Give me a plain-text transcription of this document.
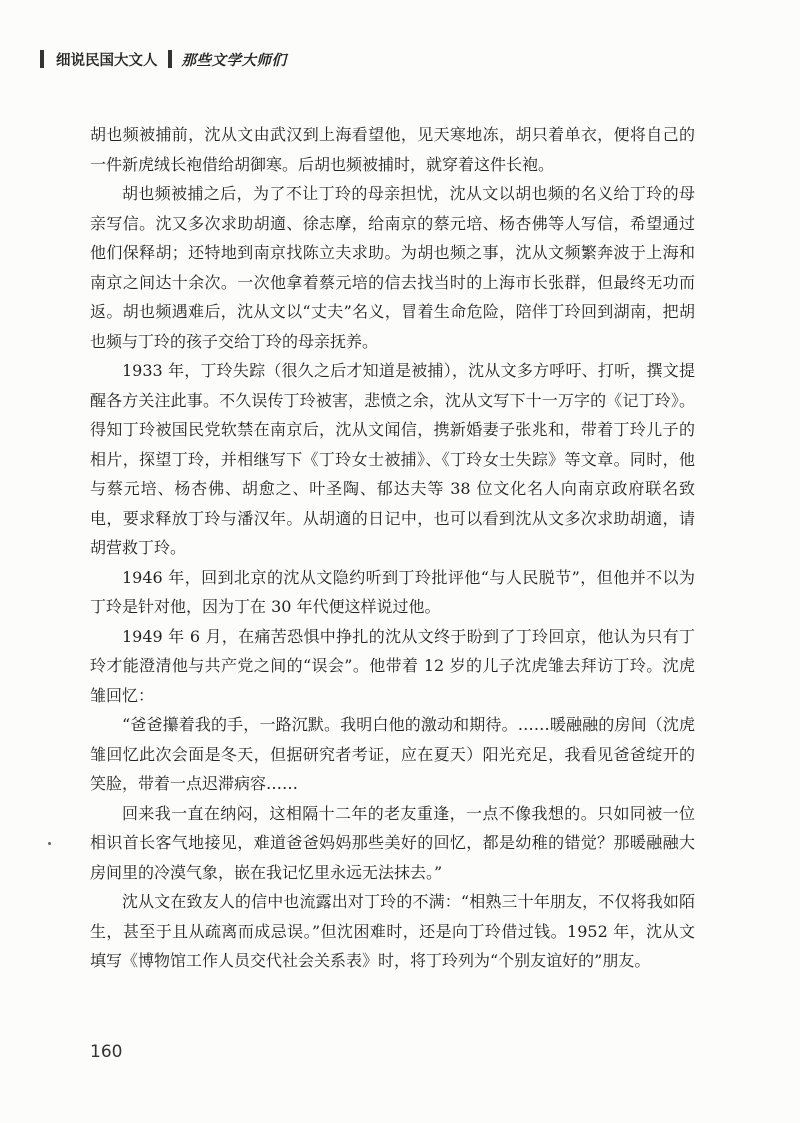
细说民国大文人 那些文学大师们

胡也频被捕前，沈从文由武汉到上海看望他，见天寒地冻，胡只着单衣，便将自己的一件新虎绒长袍借给胡御寒。后胡也频被捕时，就穿着这件长袍。

胡也频被捕之后，为了不让丁玲的母亲担忧，沈从文以胡也频的名义给丁玲的母亲写信。沈又多次求助胡適、徐志摩，给南京的蔡元培、杨杏佛等人写信，希望通过他们保释胡；还特地到南京找陈立夫求助。为胡也频之事，沈从文频繁奔波于上海和南京之间达十余次。一次他拿着蔡元培的信去找当时的上海市长张群，但最终无功而返。胡也频遇难后，沈从文以“丈夫”名义，冒着生命危险，陪伴丁玲回到湖南，把胡也频与丁玲的孩子交给丁玲的母亲抚养。

1933 年，丁玲失踪（很久之后才知道是被捕），沈从文多方呼吁、打听，撰文提醒各方关注此事。不久误传丁玲被害，悲愤之余，沈从文写下十一万字的《记丁玲》。得知丁玲被国民党软禁在南京后，沈从文闻信，携新婚妻子张兆和，带着丁玲儿子的相片，探望丁玲，并相继写下《丁玲女士被捕》、《丁玲女士失踪》等文章。同时，他与蔡元培、杨杏佛、胡愈之、叶圣陶、郁达夫等 38 位文化名人向南京政府联名致电，要求释放丁玲与潘汉年。从胡適的日记中，也可以看到沈从文多次求助胡適，请胡营救丁玲。

1946 年，回到北京的沈从文隐约听到丁玲批评他“与人民脱节”，但他并不以为丁玲是针对他，因为丁在 30 年代便这样说过他。

1949 年 6 月，在痛苦恐惧中挣扎的沈从文终于盼到了丁玲回京，他认为只有丁玲才能澄清他与共产党之间的“误会”。他带着 12 岁的儿子沈虎雏去拜访丁玲。沈虎雏回忆：

“爸爸攥着我的手，一路沉默。我明白他的激动和期待。……暖融融的房间（沈虎雏回忆此次会面是冬天，但据研究者考证，应在夏天）阳光充足，我看见爸爸绽开的笑脸，带着一点迟滞病容……

回来我一直在纳闷，这相隔十二年的老友重逢，一点不像我想的。只如同被一位相识首长客气地接见，难道爸爸妈妈那些美好的回忆，都是幼稚的错觉？那暖融融大房间里的冷漠气象，嵌在我记忆里永远无法抹去。”

沈从文在致友人的信中也流露出对丁玲的不满：“相熟三十年朋友，不仅将我如陌生，甚至于且从疏离而成忌误。”但沈困难时，还是向丁玲借过钱。1952 年，沈从文填写《博物馆工作人员交代社会关系表》时，将丁玲列为“个别友谊好的”朋友。

160
